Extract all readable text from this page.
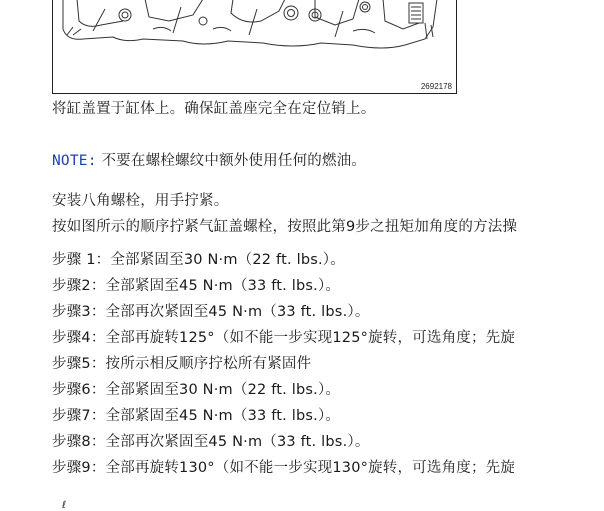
2692178
将缸盖置于缸体上。确保缸盖座完全在定位销上。
NOTE: 不要在螺栓螺纹中额外使用任何的燃油。
安装八角螺栓，用手拧紧。
按如图所示的顺序拧紧气缸盖螺栓，按照此第9步之扭矩加角度的方法操
步骤 1：全部紧固至30 N·m（22 ft. lbs.）。
步骤2：全部紧固至45 N·m（33 ft. lbs.）。
步骤3：全部再次紧固至45 N·m（33 ft. lbs.）。
步骤4：全部再旋转125°（如不能一步实现125°旋转，可选角度；先旋
步骤5：按所示相反顺序拧松所有紧固件
步骤6：全部紧固至30 N·m（22 ft. lbs.）。
步骤7：全部紧固至45 N·m（33 ft. lbs.）。
步骤8：全部再次紧固至45 N·m（33 ft. lbs.）。
步骤9：全部再旋转130°（如不能一步实现130°旋转，可选角度；先旋
ℓ
